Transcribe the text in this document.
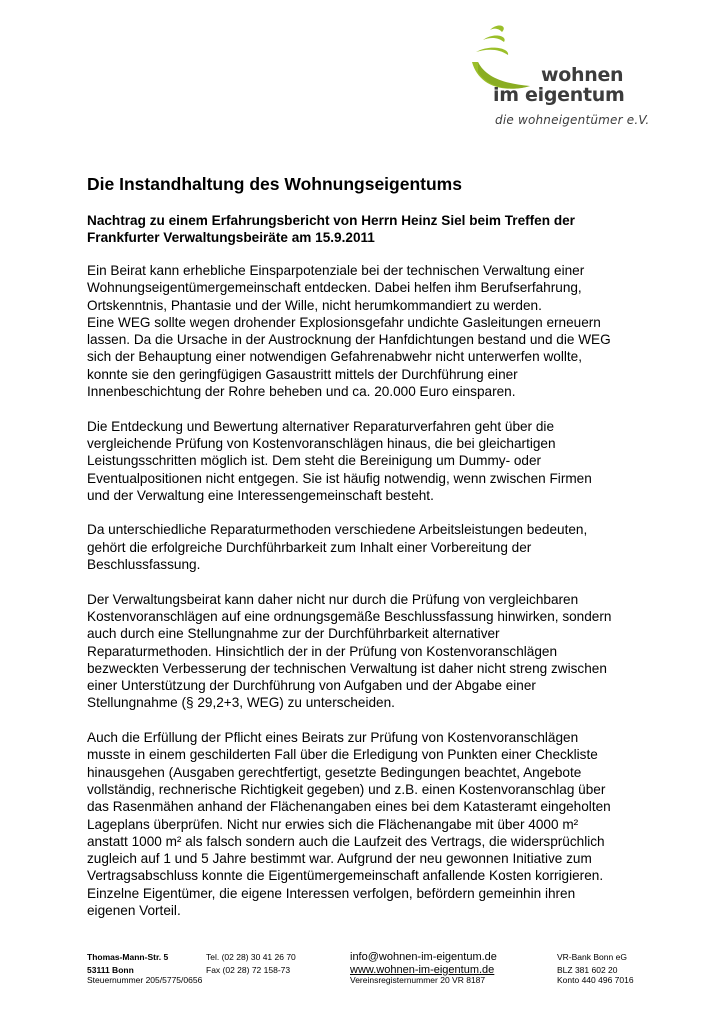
wohnen
im eigentum
die wohneigentümer e.V.
Die Instandhaltung des Wohnungseigentums
Nachtrag zu einem Erfahrungsbericht von Herrn Heinz Siel beim Treffen der
Frankfurter Verwaltungsbeiräte am 15.9.2011

Ein Beirat kann erhebliche Einsparpotenziale bei der technischen Verwaltung einer
Wohnungseigentümergemeinschaft entdecken. Dabei helfen ihm Berufserfahrung,
Ortskenntnis, Phantasie und der Wille, nicht herumkommandiert zu werden.
Eine WEG sollte wegen drohender Explosionsgefahr undichte Gasleitungen erneuern
lassen. Da die Ursache in der Austrocknung der Hanfdichtungen bestand und die WEG
sich der Behauptung einer notwendigen Gefahrenabwehr nicht unterwerfen wollte,
konnte sie den geringfügigen Gasaustritt mittels der Durchführung einer
Innenbeschichtung der Rohre beheben und ca. 20.000 Euro einsparen.

Die Entdeckung und Bewertung alternativer Reparaturverfahren geht über die
vergleichende Prüfung von Kostenvoranschlägen hinaus, die bei gleichartigen
Leistungsschritten möglich ist. Dem steht die Bereinigung um Dummy- oder
Eventualpositionen nicht entgegen. Sie ist häufig notwendig, wenn zwischen Firmen
und der Verwaltung eine Interessengemeinschaft besteht.

Da unterschiedliche Reparaturmethoden verschiedene Arbeitsleistungen bedeuten,
gehört die erfolgreiche Durchführbarkeit zum Inhalt einer Vorbereitung der
Beschlussfassung.

Der Verwaltungsbeirat kann daher nicht nur durch die Prüfung von vergleichbaren
Kostenvoranschlägen auf eine ordnungsgemäße Beschlussfassung hinwirken, sondern
auch durch eine Stellungnahme zur der Durchführbarkeit alternativer
Reparaturmethoden. Hinsichtlich der in der Prüfung von Kostenvoranschlägen
bezweckten Verbesserung der technischen Verwaltung ist daher nicht streng zwischen
einer Unterstützung der Durchführung von Aufgaben und der Abgabe einer
Stellungnahme (§ 29,2+3, WEG) zu unterscheiden.

Auch die Erfüllung der Pflicht eines Beirats zur Prüfung von Kostenvoranschlägen
musste in einem geschilderten Fall über die Erledigung von Punkten einer Checkliste
hinausgehen (Ausgaben gerechtfertigt, gesetzte Bedingungen beachtet, Angebote
vollständig, rechnerische Richtigkeit gegeben) und z.B. einen Kostenvoranschlag über
das Rasenmähen anhand der Flächenangaben eines bei dem Katasteramt eingeholten
Lageplans überprüfen. Nicht nur erwies sich die Flächenangabe mit über 4000 m²
anstatt 1000 m² als falsch sondern auch die Laufzeit des Vertrags, die widersprüchlich
zugleich auf 1 und 5 Jahre bestimmt war. Aufgrund der neu gewonnen Initiative zum
Vertragsabschluss konnte die Eigentümergemeinschaft anfallende Kosten korrigieren.
Einzelne Eigentümer, die eigene Interessen verfolgen, befördern gemeinhin ihren
eigenen Vorteil.

Thomas-Mann-Str. 5
53111 Bonn
Steuernummer 205/5775/0656
Tel. (02 28) 30 41 26 70
Fax (02 28) 72 158-73
info@wohnen-im-eigentum.de
www.wohnen-im-eigentum.de
Vereinsregisternummer 20 VR 8187
VR-Bank Bonn eG
BLZ 381 602 20
Konto 440 496 7016
